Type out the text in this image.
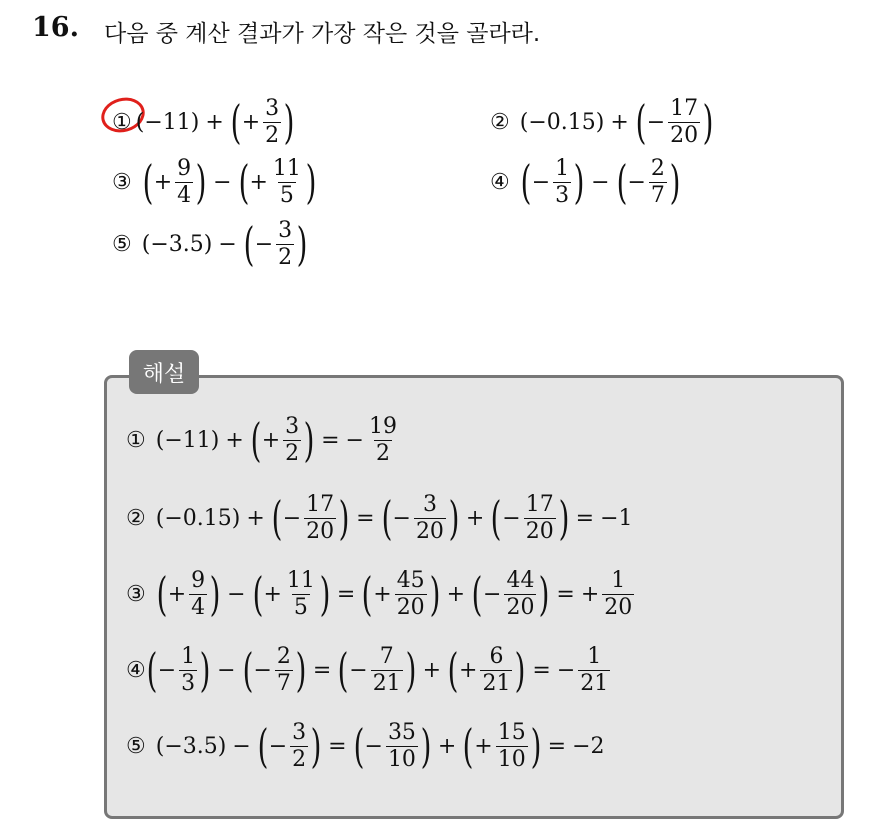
16. 다음 중 계산 결과가 가장 작은 것을 골라라.
① (−11) + ( + $\frac{3}{2}$ )	② (−0.15) + ( − $\frac{17}{20}$ )
③ ( + $\frac{9}{4}$ ) − ( + $\frac{11}{5}$ )	④ ( − $\frac{1}{3}$ ) − ( − $\frac{2}{7}$ )
⑤ (−3.5) − ( − $\frac{3}{2}$ )
해설
① (−11) + ( + $\frac{3}{2}$ ) = − $\frac{19}{2}$
② (−0.15) + ( − $\frac{17}{20}$ ) = ( − $\frac{3}{20}$ ) + ( − $\frac{17}{20}$ ) = −1
③ ( + $\frac{9}{4}$ ) − ( + $\frac{11}{5}$ ) = ( + $\frac{45}{20}$ ) + ( − $\frac{44}{20}$ ) = + $\frac{1}{20}$
④ ( − $\frac{1}{3}$ ) − ( − $\frac{2}{7}$ ) = ( − $\frac{7}{21}$ ) + ( + $\frac{6}{21}$ ) = − $\frac{1}{21}$
⑤ (−3.5) − ( − $\frac{3}{2}$ ) = ( − $\frac{35}{10}$ ) + ( + $\frac{15}{10}$ ) = −2
